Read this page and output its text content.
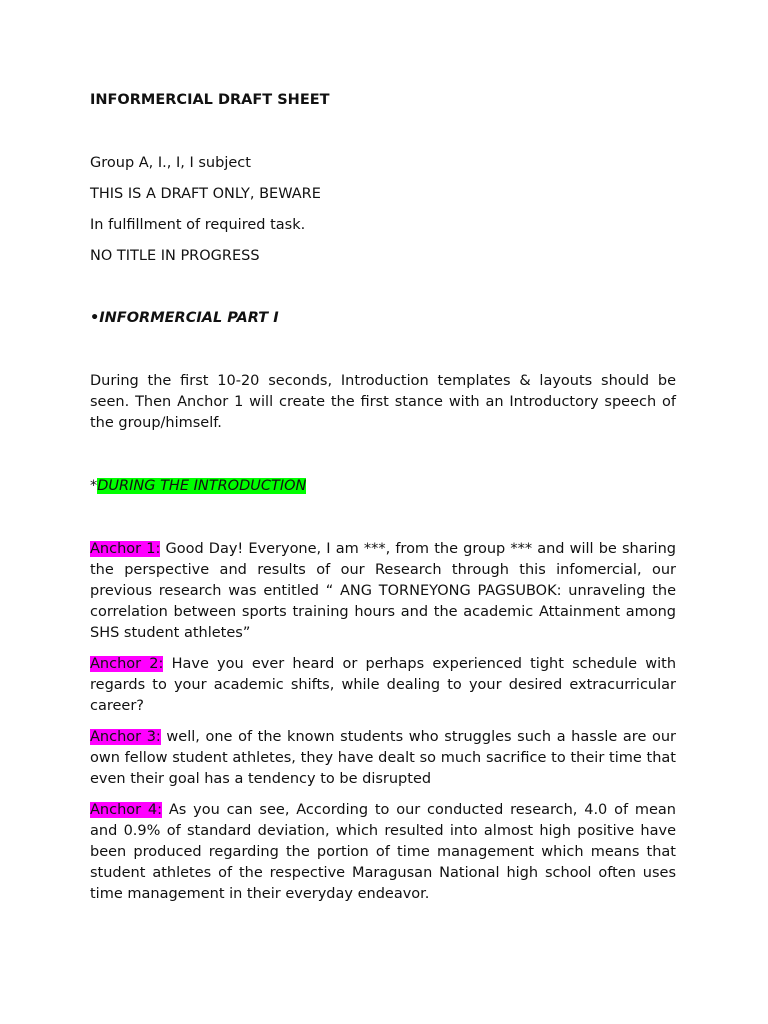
INFORMERCIAL DRAFT SHEET

Group A, I., I, I subject

THIS IS A DRAFT ONLY, BEWARE

In fulfillment of required task.

NO TITLE IN PROGRESS

•INFORMERCIAL PART I

During the first 10-20 seconds, Introduction templates & layouts should be seen. Then Anchor 1 will create the first stance with an Introductory speech of the group/himself.

*DURING THE INTRODUCTION

Anchor 1: Good Day! Everyone, I am ***, from the group *** and will be sharing the perspective and results of our Research through this infomercial, our previous research was entitled “ ANG TORNEYONG PAGSUBOK: unraveling the correlation between sports training hours and the academic Attainment among SHS student athletes”

Anchor 2: Have you ever heard or perhaps experienced tight schedule with regards to your academic shifts, while dealing to your desired extracurricular career?

Anchor 3: well, one of the known students who struggles such a hassle are our own fellow student athletes, they have dealt so much sacrifice to their time that even their goal has a tendency to be disrupted

Anchor 4: As you can see, According to our conducted research, 4.0 of mean and 0.9% of standard deviation, which resulted into almost high positive have been produced regarding the portion of time management which means that student athletes of the respective Maragusan National high school often uses time management in their everyday endeavor.
